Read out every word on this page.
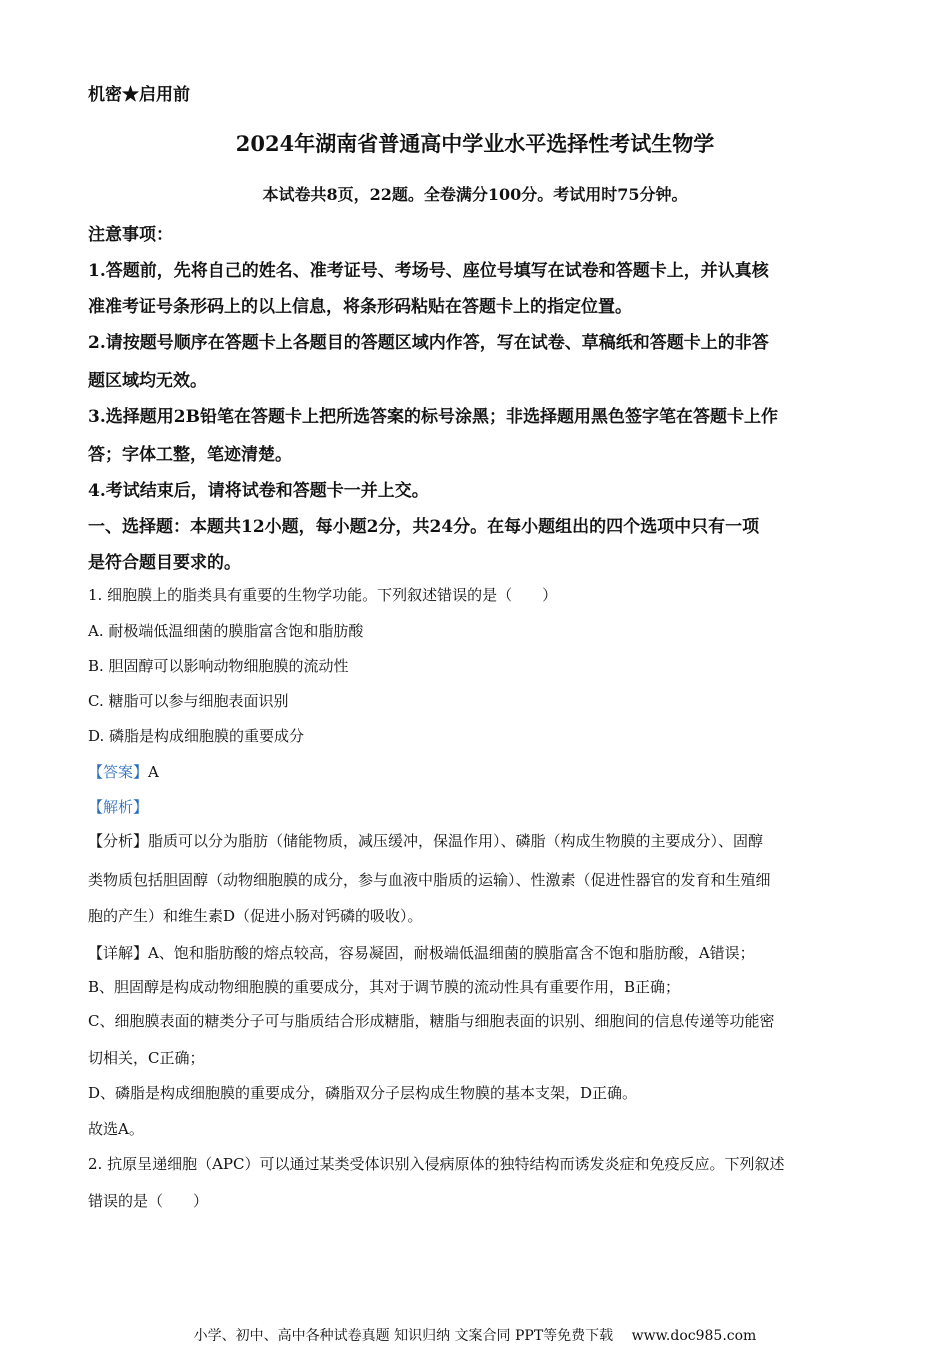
机密★启用前
2024年湖南省普通高中学业水平选择性考试生物学
本试卷共8页，22题。全卷满分100分。考试用时75分钟。
注意事项：
1.答题前，先将自己的姓名、准考证号、考场号、座位号填写在试卷和答题卡上，并认真核
准准考证号条形码上的以上信息，将条形码粘贴在答题卡上的指定位置。
2.请按题号顺序在答题卡上各题目的答题区域内作答，写在试卷、草稿纸和答题卡上的非答
题区域均无效。
3.选择题用2B铅笔在答题卡上把所选答案的标号涂黑；非选择题用黑色签字笔在答题卡上作
答；字体工整，笔迹清楚。
4.考试结束后，请将试卷和答题卡一并上交。
一、选择题：本题共12小题，每小题2分，共24分。在每小题组出的四个选项中只有一项
是符合题目要求的。
1. 细胞膜上的脂类具有重要的生物学功能。下列叙述错误的是（　　）
A. 耐极端低温细菌的膜脂富含饱和脂肪酸
B. 胆固醇可以影响动物细胞膜的流动性
C. 糖脂可以参与细胞表面识别
D. 磷脂是构成细胞膜的重要成分
【答案】A
【解析】
【分析】脂质可以分为脂肪（储能物质，减压缓冲，保温作用）、磷脂（构成生物膜的主要成分）、固醇
类物质包括胆固醇（动物细胞膜的成分，参与血液中脂质的运输）、性激素（促进性器官的发育和生殖细
胞的产生）和维生素D（促进小肠对钙磷的吸收）。
【详解】A、饱和脂肪酸的熔点较高，容易凝固，耐极端低温细菌的膜脂富含不饱和脂肪酸，A错误；
B、胆固醇是构成动物细胞膜的重要成分，其对于调节膜的流动性具有重要作用，B正确；
C、细胞膜表面的糖类分子可与脂质结合形成糖脂，糖脂与细胞表面的识别、细胞间的信息传递等功能密
切相关，C正确；
D、磷脂是构成细胞膜的重要成分，磷脂双分子层构成生物膜的基本支架，D正确。
故选A。
2. 抗原呈递细胞（APC）可以通过某类受体识别入侵病原体的独特结构而诱发炎症和免疫反应。下列叙述
错误的是（　　）
小学、初中、高中各种试卷真题 知识归纳 文案合同 PPT等免费下载　 www.doc985.com
